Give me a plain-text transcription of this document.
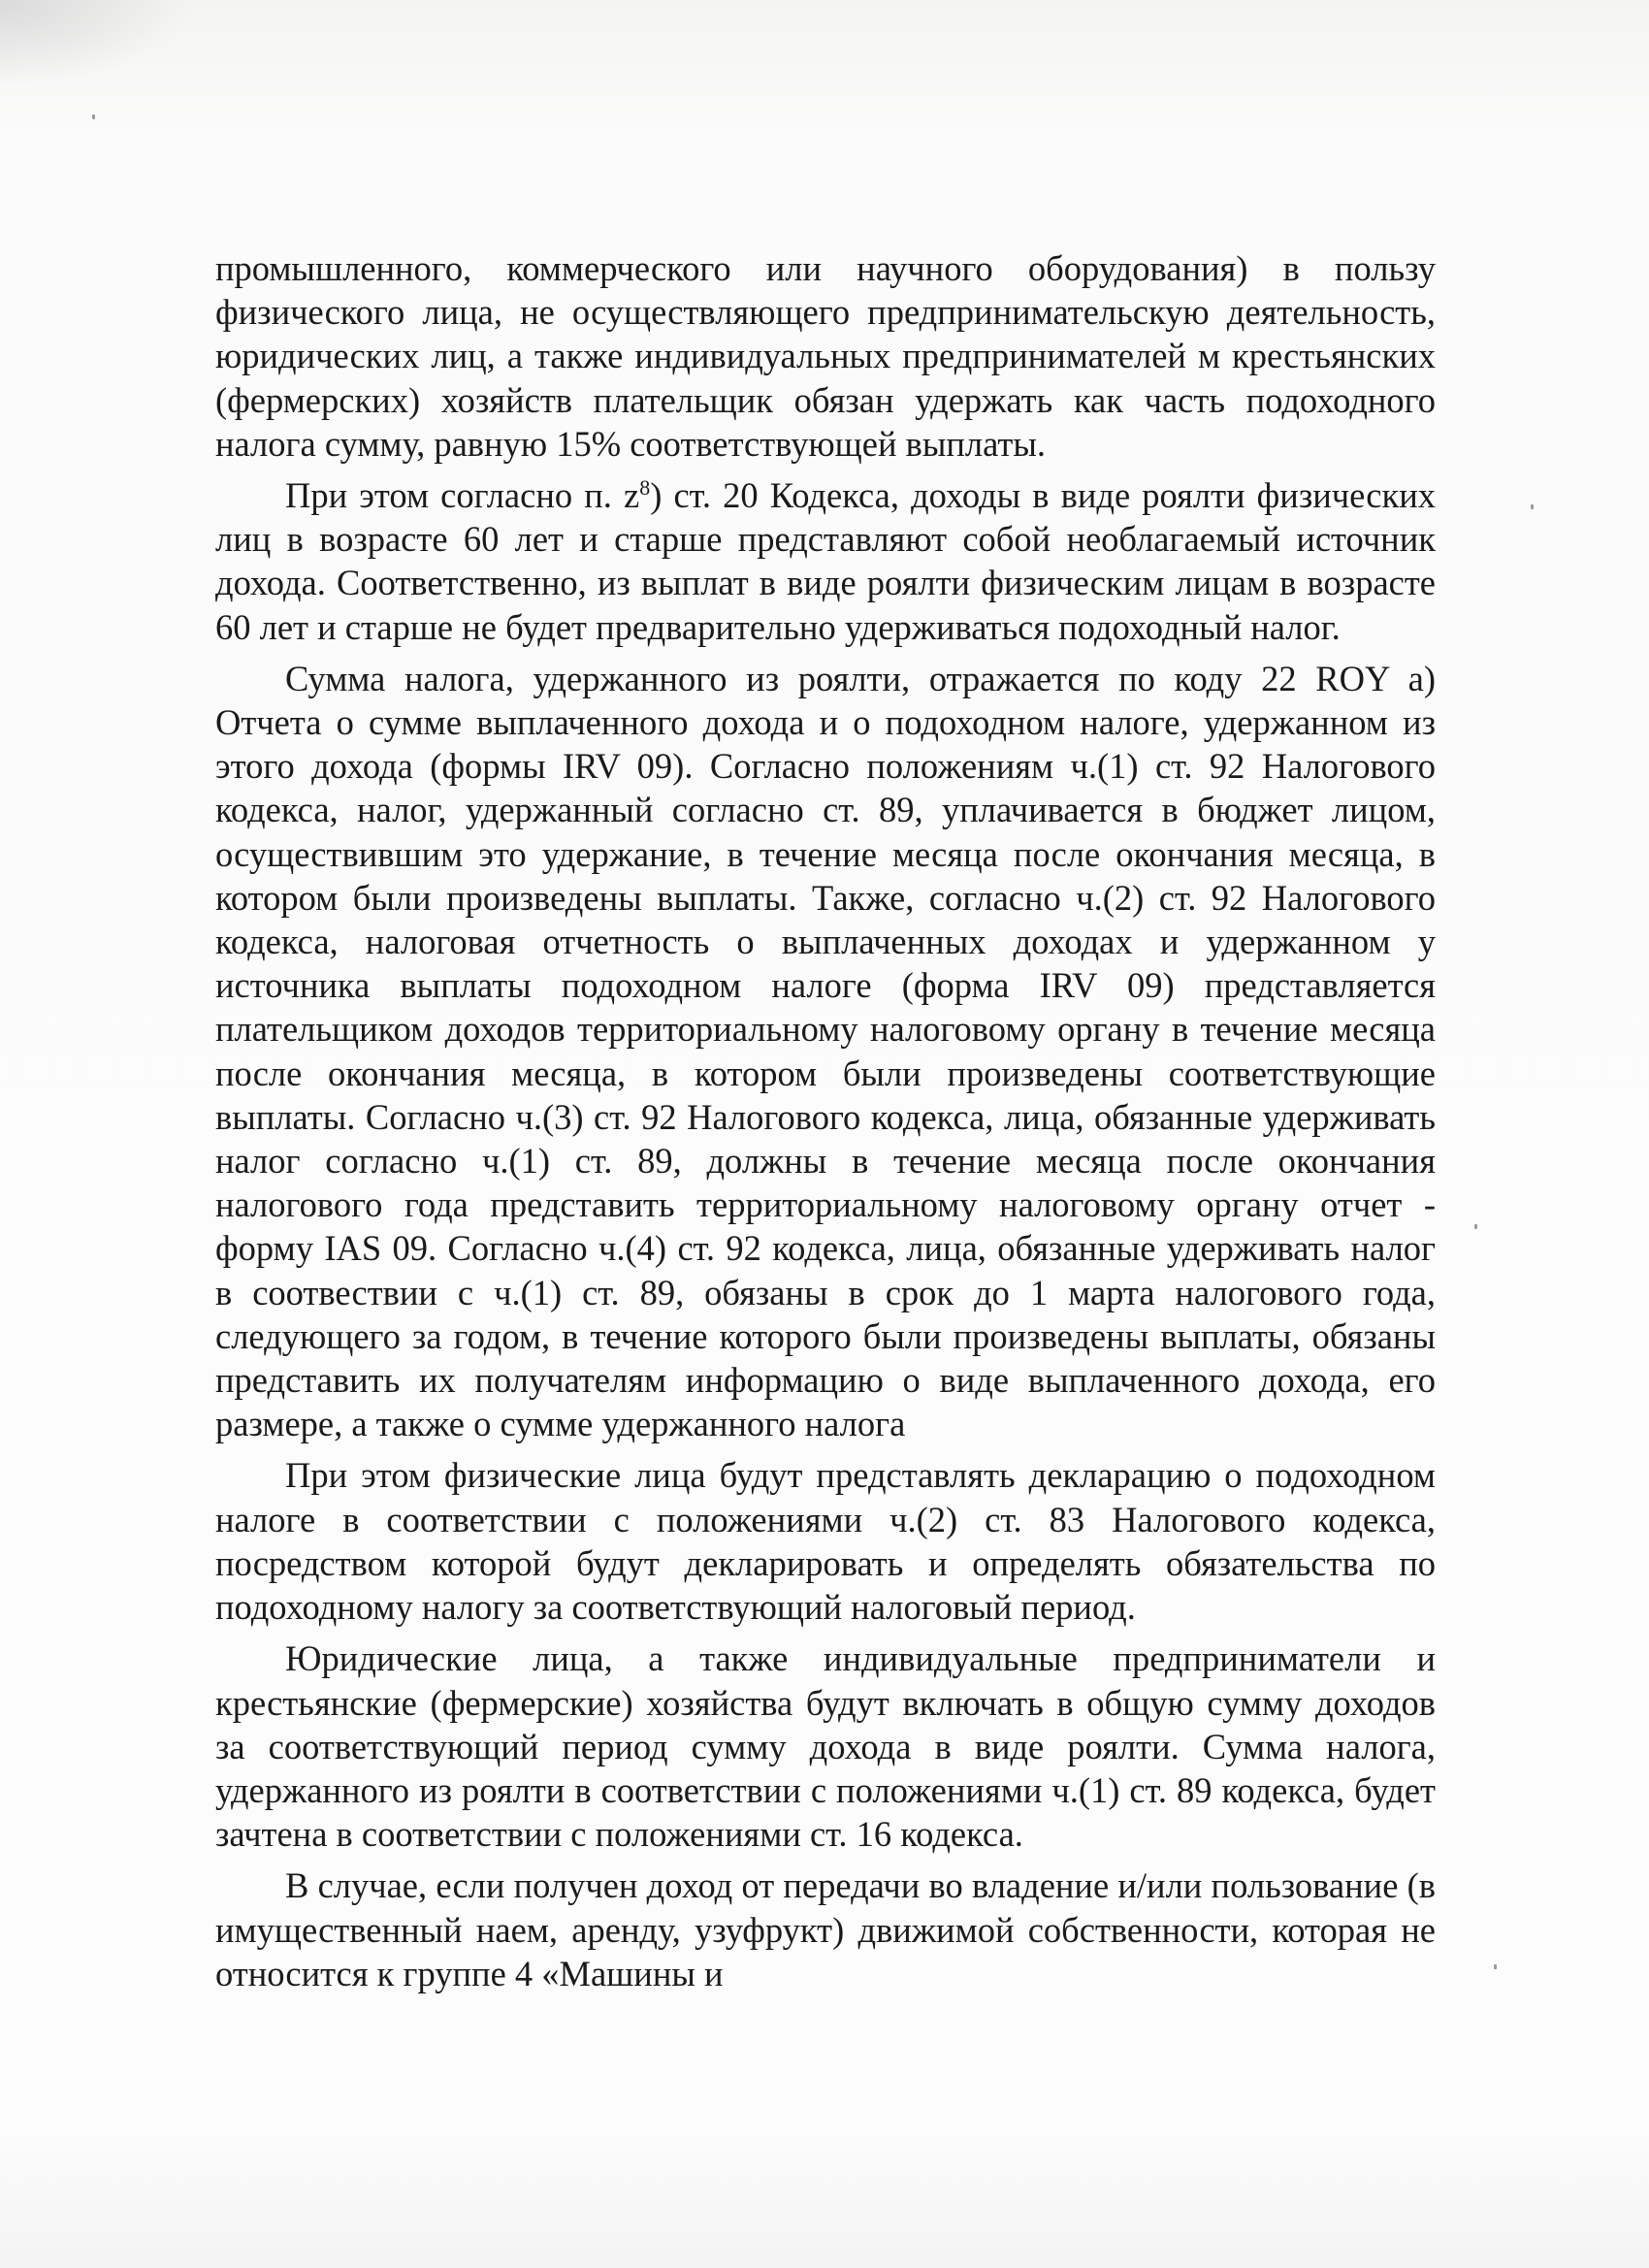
промышленного, коммерческого или научного оборудования) в пользу физического лица, не осуществляющего предпринимательскую деятельность, юридических лиц, а также индивидуальных предпринимателей м крестьянских (фермерских) хозяйств плательщик обязан удержать как часть подоходного налога сумму, равную 15% соответствующей выплаты.

При этом согласно п. $z^8$) ст. 20 Кодекса, доходы в виде роялти физических лиц в возрасте 60 лет и старше представляют собой необлагаемый источник дохода. Соответственно, из выплат в виде роялти физическим лицам в возрасте 60 лет и старше не будет предварительно удерживаться подоходный налог.

Сумма налога, удержанного из роялти, отражается по коду 22 ROY a) Отчета о сумме выплаченного дохода и о подоходном налоге, удержанном из этого дохода (формы IRV 09). Согласно положениям ч.(1) ст. 92 Налогового кодекса, налог, удержанный согласно ст. 89, уплачивается в бюджет лицом, осуществившим это удержание, в течение месяца после окончания месяца, в котором были произведены выплаты. Также, согласно ч.(2) ст. 92 Налогового кодекса, налоговая отчетность о выплаченных доходах и удержанном у источника выплаты подоходном налоге (форма IRV 09) представляется плательщиком доходов территориальному налоговому органу в течение месяца после окончания месяца, в котором были произведены соответствующие выплаты. Согласно ч.(3) ст. 92 Налогового кодекса, лица, обязанные удерживать налог согласно ч.(1) ст. 89, должны в течение месяца после окончания налогового года представить территориальному налоговому органу отчет - форму IAS 09. Согласно ч.(4) ст. 92 кодекса, лица, обязанные удерживать налог в соотвествии с ч.(1) ст. 89, обязаны в срок до 1 марта налогового года, следующего за годом, в течение которого были произведены выплаты, обязаны представить их получателям информацию о виде выплаченного дохода, его размере, а также о сумме удержанного налога

При этом физические лица будут представлять декларацию о подоходном налоге в соответствии с положениями ч.(2) ст. 83 Налогового кодекса, посредством которой будут декларировать и определять обязательства по подоходному налогу за соответствующий налоговый период.

Юридические лица, а также индивидуальные предприниматели и крестьянские (фермерские) хозяйства будут включать в общую сумму доходов за соответствующий период сумму дохода в виде роялти. Сумма налога, удержанного из роялти в соответствии с положениями ч.(1) ст. 89 кодекса, будет зачтена в соответствии с положениями ст. 16 кодекса.

В случае, если получен доход от передачи во владение и/или пользование (в имущественный наем, аренду, узуфрукт) движимой собственности, которая не относится к группе 4 «Машины и
